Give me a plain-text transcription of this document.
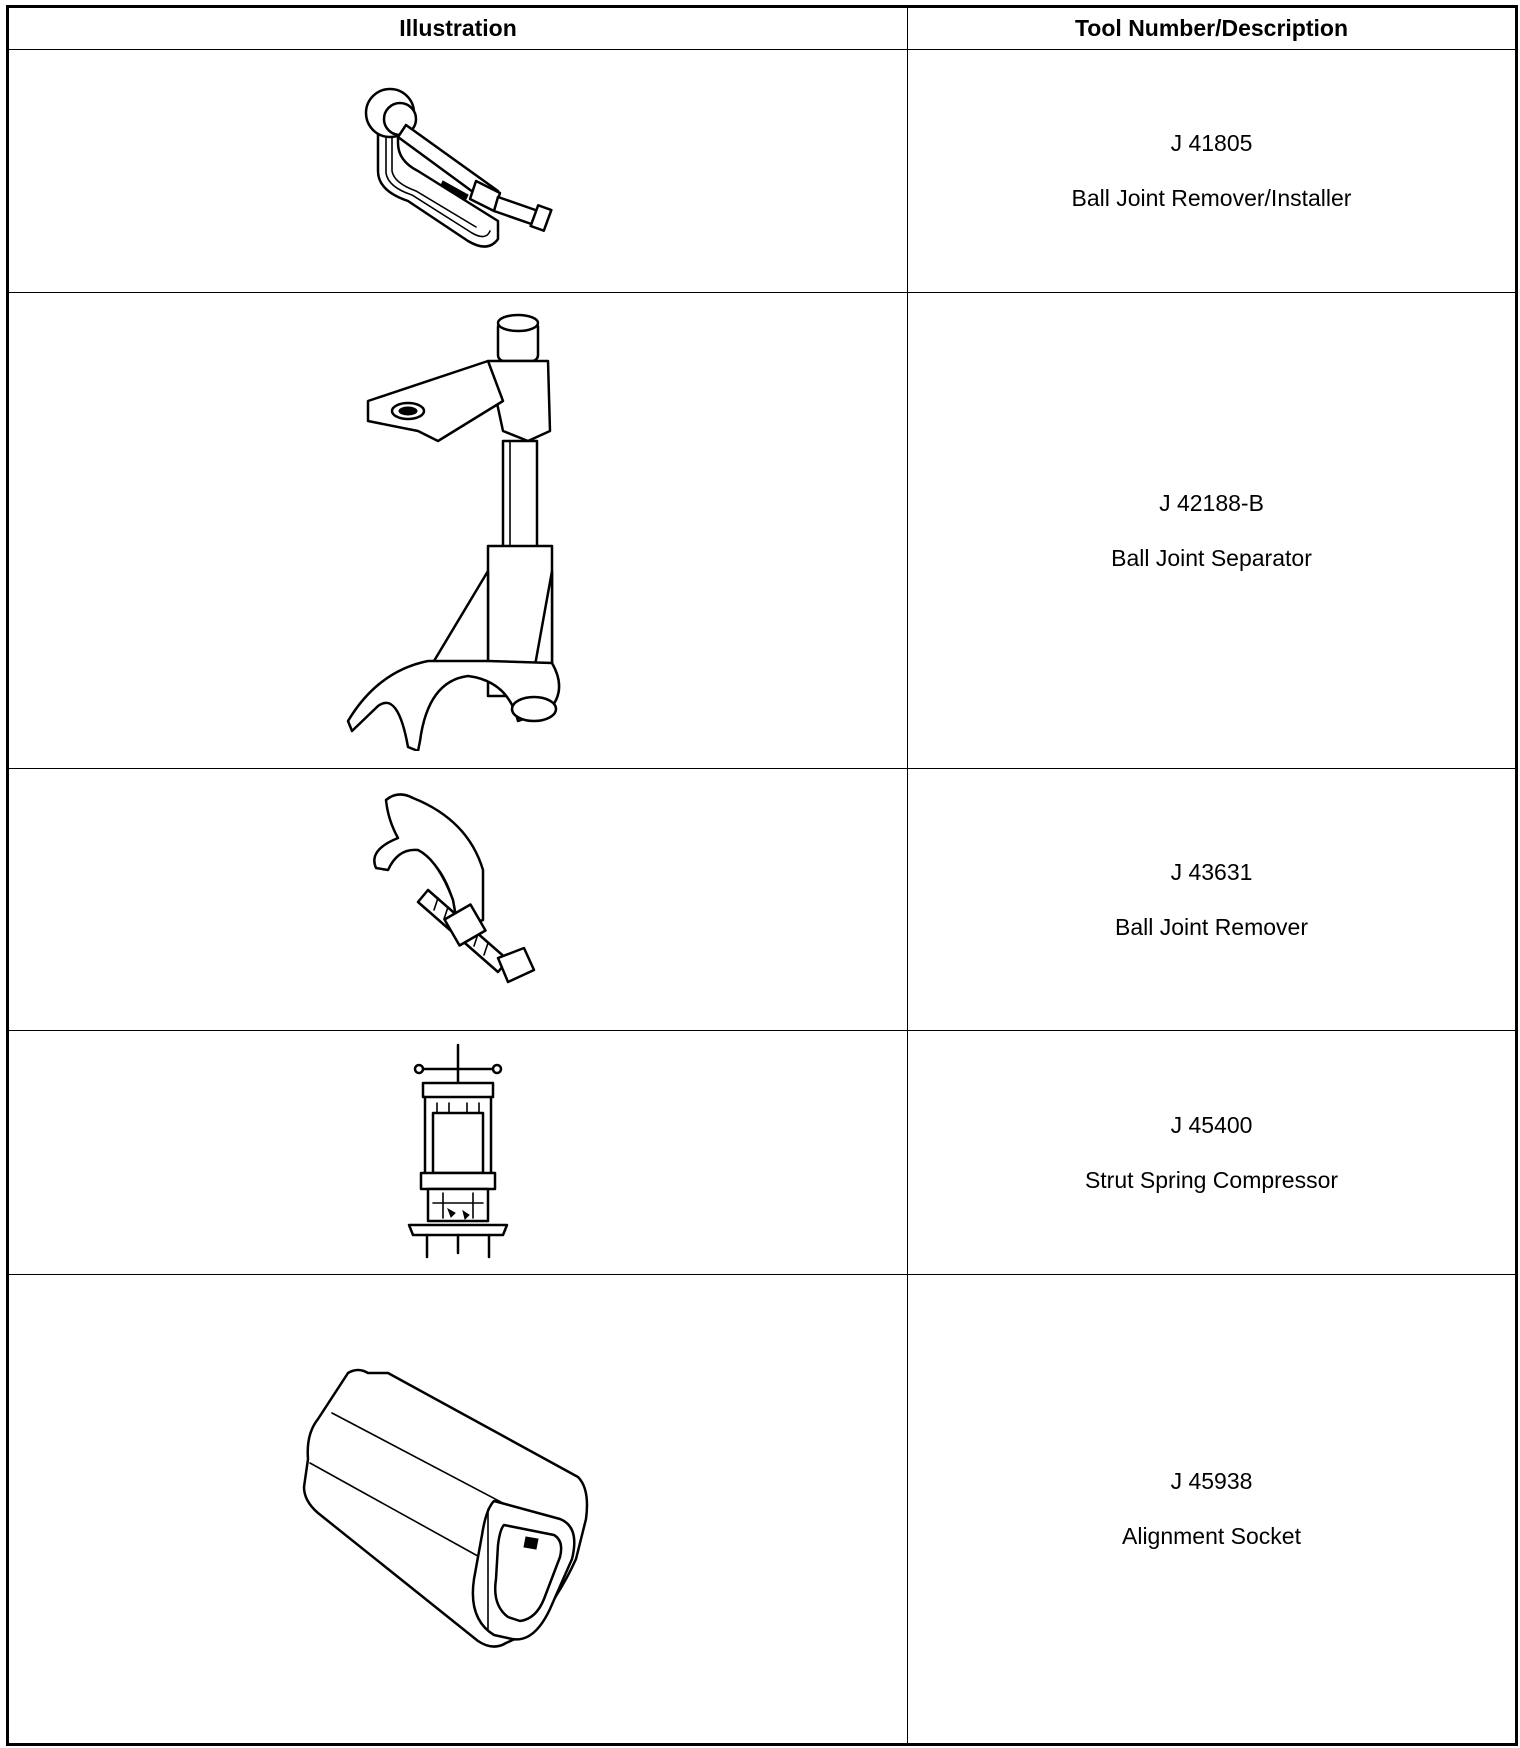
Illustration	Tool Number/Description

J 41805
Ball Joint Remover/Installer

J 42188-B
Ball Joint Separator

J 43631
Ball Joint Remover

J 45400
Strut Spring Compressor

J 45938
Alignment Socket
